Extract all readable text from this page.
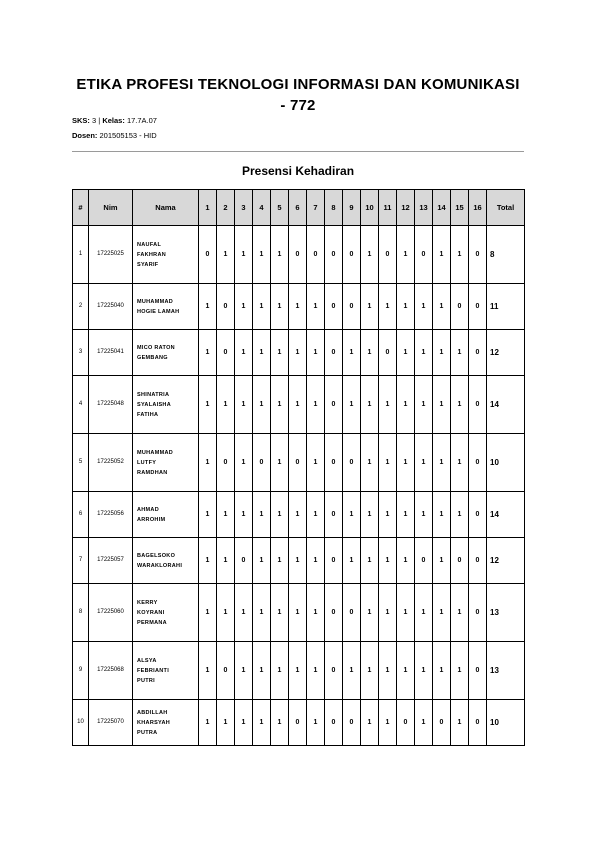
ETIKA PROFESI TEKNOLOGI INFORMASI DAN KOMUNIKASI - 772
SKS: 3 | Kelas: 17.7A.07
Dosen: 201505153 - HID
Presensi Kehadiran
#	Nim	Nama	1	2	3	4	5	6	7	8	9	10	11	12	13	14	15	16	Total
1	17225025	NAUFAL
FAKHRAN
SYARIF	0	1	1	1	1	0	0	0	0	1	0	1	0	1	1	0	8
2	17225040	MUHAMMAD
HOGIE LAMAH	1	0	1	1	1	1	1	0	0	1	1	1	1	1	0	0	11
3	17225041	MICO RATON
GEMBANG	1	0	1	1	1	1	1	0	1	1	0	1	1	1	1	0	12
4	17225048	SHINATRIA
SYALAISHA
FATIHA	1	1	1	1	1	1	1	0	1	1	1	1	1	1	1	0	14
5	17225052	MUHAMMAD
LUTFY
RAMDHAN	1	0	1	0	1	0	1	0	0	1	1	1	1	1	1	0	10
6	17225056	AHMAD
ARROHIM	1	1	1	1	1	1	1	0	1	1	1	1	1	1	1	0	14
7	17225057	BAGELSOKO
WARAKLORAHI	1	1	0	1	1	1	1	0	1	1	1	1	0	1	0	0	12
8	17225060	KERRY
KOYRANI
PERMANA	1	1	1	1	1	1	1	0	0	1	1	1	1	1	1	0	13
9	17225068	ALSYA
FEBRIANTI
PUTRI	1	0	1	1	1	1	1	0	1	1	1	1	1	1	1	0	13
10	17225070	ABDILLAH
KHARSYAH
PUTRA	1	1	1	1	1	0	1	0	0	1	1	0	1	0	1	0	10
